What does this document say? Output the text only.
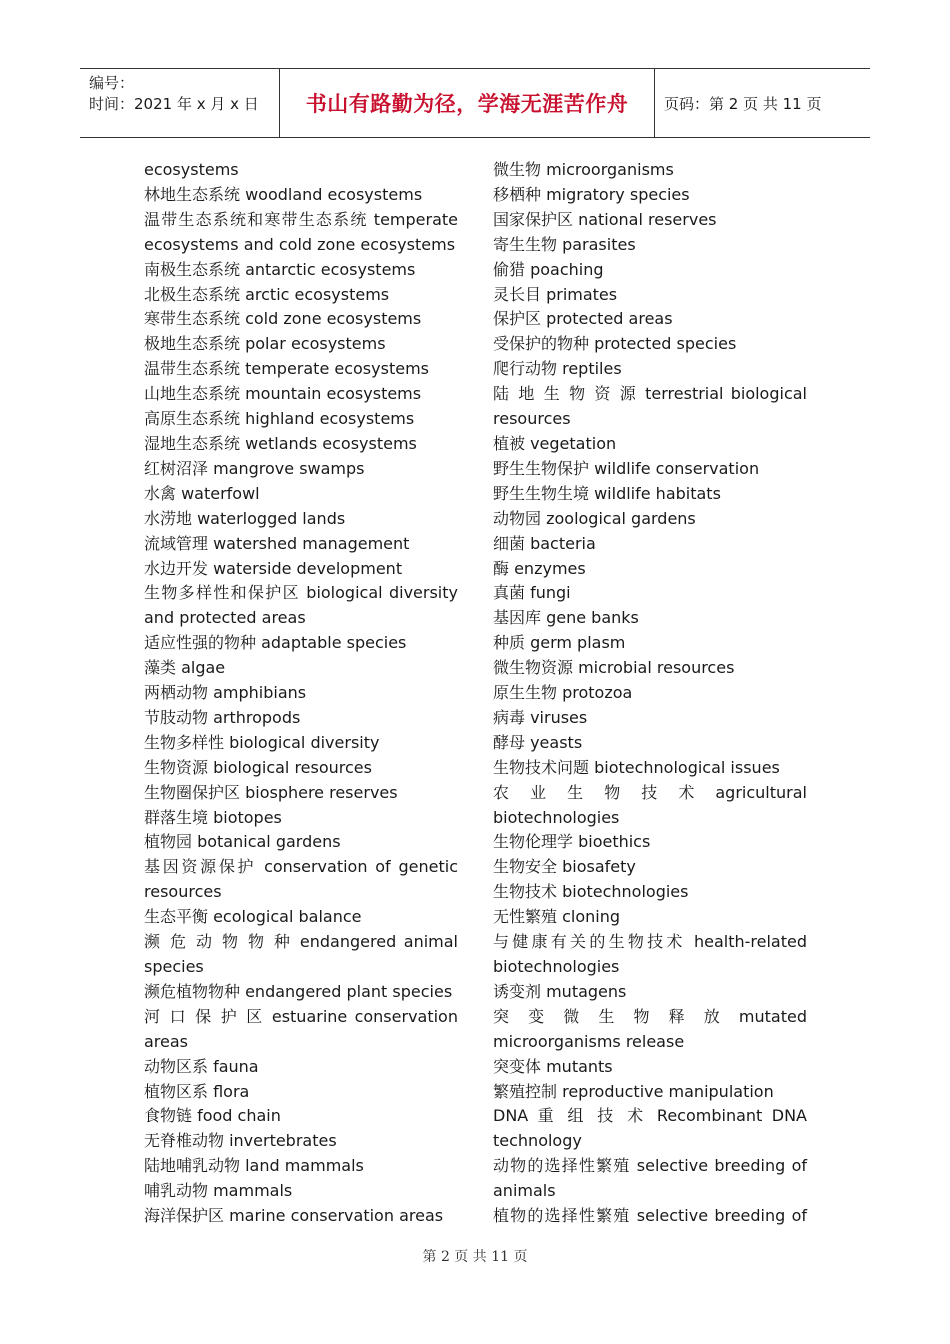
编号：
时间：2021 年 x 月 x 日	书山有路勤为径，学海无涯苦作舟	页码：第 2 页 共 11 页
ecosystems
林地生态系统 woodland ecosystems
温带生态系统和寒带生态系统 temperate
ecosystems and cold zone ecosystems
南极生态系统 antarctic ecosystems
北极生态系统 arctic ecosystems
寒带生态系统 cold zone ecosystems
极地生态系统 polar ecosystems
温带生态系统 temperate ecosystems
山地生态系统 mountain ecosystems
高原生态系统 highland ecosystems
湿地生态系统 wetlands ecosystems
红树沼泽 mangrove swamps
水禽 waterfowl
水涝地 waterlogged lands
流域管理 watershed management
水边开发 waterside development
生物多样性和保护区 biological diversity
and protected areas
适应性强的物种 adaptable species
藻类 algae
两栖动物 amphibians
节肢动物 arthropods
生物多样性 biological diversity
生物资源 biological resources
生物圈保护区 biosphere reserves
群落生境 biotopes
植物园 botanical gardens
基因资源保护 conservation of genetic
resources
生态平衡 ecological balance
濒 危 动 物 物 种 endangered animal
species
濒危植物物种 endangered plant species
河 口 保 护 区 estuarine conservation
areas
动物区系 fauna
植物区系 flora
食物链 food chain
无脊椎动物 invertebrates
陆地哺乳动物 land mammals
哺乳动物 mammals
海洋保护区 marine conservation areas
微生物 microorganisms
移栖种 migratory species
国家保护区 national reserves
寄生生物 parasites
偷猎 poaching
灵长目 primates
保护区 protected areas
受保护的物种 protected species
爬行动物 reptiles
陆 地 生 物 资 源 terrestrial biological
resources
植被 vegetation
野生生物保护 wildlife conservation
野生生物生境 wildlife habitats
动物园 zoological gardens
细菌 bacteria
酶 enzymes
真菌 fungi
基因库 gene banks
种质 germ plasm
微生物资源 microbial resources
原生生物 protozoa
病毒 viruses
酵母 yeasts
生物技术问题 biotechnological issues
农 业 生 物 技 术 agricultural
biotechnologies
生物伦理学 bioethics
生物安全 biosafety
生物技术 biotechnologies
无性繁殖 cloning
与健康有关的生物技术 health-related
biotechnologies
诱变剂 mutagens
突 变 微 生 物 释 放 mutated
microorganisms release
突变体 mutants
繁殖控制 reproductive manipulation
DNA 重 组 技 术 Recombinant DNA
technology
动物的选择性繁殖 selective breeding of
animals
植物的选择性繁殖 selective breeding of
第 2 页 共 11 页
